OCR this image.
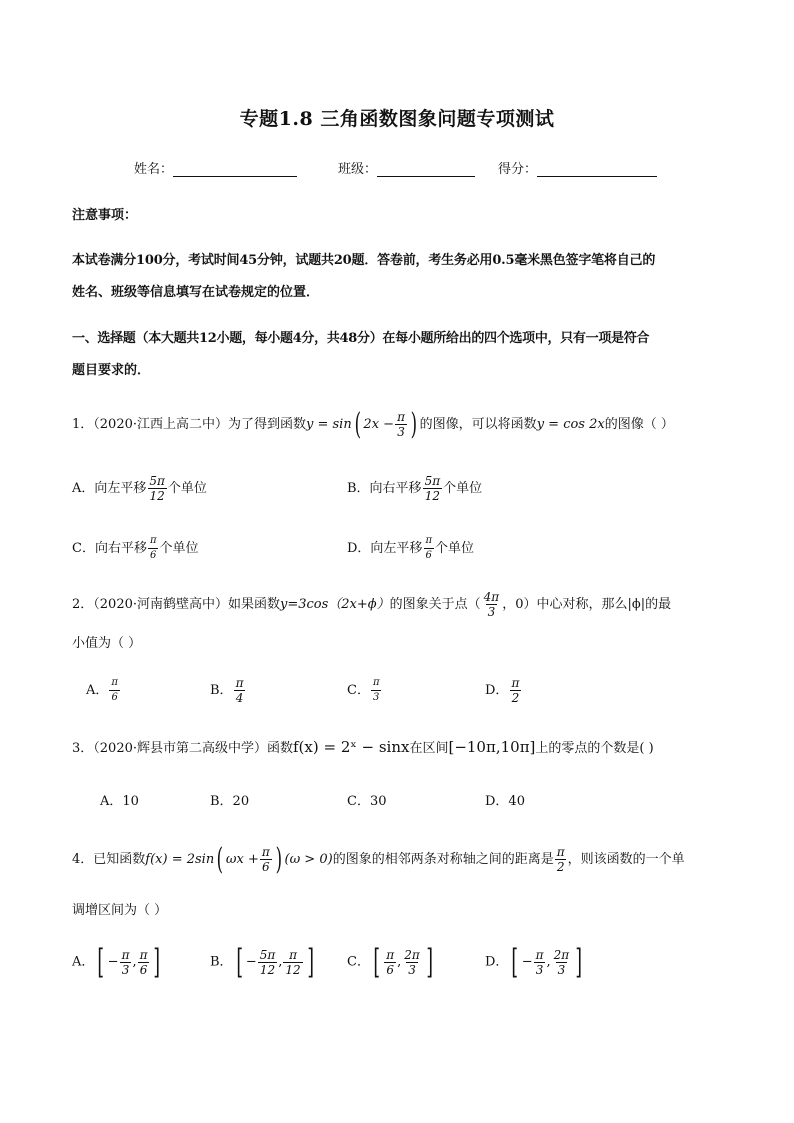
专题1.8 三角函数图象问题专项测试
姓名：	班级：	得分：
注意事项：
本试卷满分100分，考试时间45分钟，试题共20题．答卷前，考生务必用0.5毫米黑色签字笔将自己的
姓名、班级等信息填写在试卷规定的位置．
一、选择题（本大题共12小题，每小题4分，共48分）在每小题所给出的四个选项中，只有一项是符合
题目要求的．
1．（2020·江西上高二中）为了得到函数y = sin( $2x - \frac{\pi}{3}$ ) 的图像，可以将函数y = cos 2x的图像（ ）
A．向左平移 $\frac{5\pi}{12}$ 个单位	B．向右平移 $\frac{5\pi}{12}$ 个单位
C．向右平移 $\frac{\pi}{6}$ 个单位	D．向左平移 $\frac{\pi}{6}$ 个单位
2．（2020·河南鹤壁高中）如果函数y=3cos（2x+ϕ）的图象关于点（ $\frac{4\pi}{3}$ ，0）中心对称，那么|ϕ|的最
小值为（ ）
A． $\frac{\pi}{6}$	B． $\frac{\pi}{4}$	C． $\frac{\pi}{3}$	D． $\frac{\pi}{2}$
3．（2020·辉县市第二高级中学）函数f(x) = 2ˣ − sinx在区间[−10π,10π]上的零点的个数是( )
A．10	B．20	C．30	D．40
4．已知函数f(x) = 2sin( $\omega x + \frac{\pi}{6}$ ) (ω > 0)的图象的相邻两条对称轴之间的距离是 $\frac{\pi}{2}$ ，则该函数的一个单
调增区间为（ ）
A．[ − $\frac{\pi}{3}$ , $\frac{\pi}{6}$ ]	B．[ − $\frac{5\pi}{12}$ , $\frac{\pi}{12}$ ]	C．[ $\frac{\pi}{6}$ , $\frac{2\pi}{3}$ ]	D．[ − $\frac{\pi}{3}$ , $\frac{2\pi}{3}$ ]
